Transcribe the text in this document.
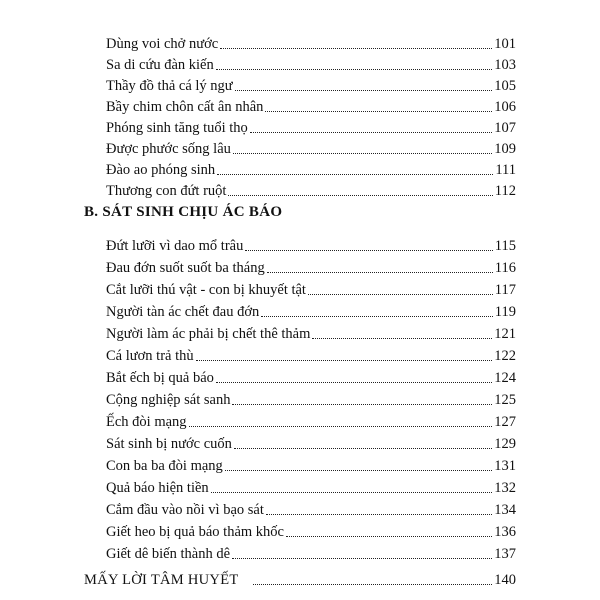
Dùng voi chở nước	101
Sa di cứu đàn kiến	103
Thầy đồ thả cá lý ngư	105
Bầy chim chôn cất ân nhân	106
Phóng sinh tăng tuổi thọ	107
Được phước sống lâu	109
Đào ao phóng sinh	111
Thương con đứt ruột	112
B. SÁT SINH CHỊU ÁC BÁO
Đứt lưỡi vì dao mổ trâu	115
Đau đớn suốt suốt ba tháng	116
Cắt lưỡi thú vật - con bị khuyết tật	117
Người tàn ác chết đau đớn	119
Người làm ác phải bị chết thê thảm	121
Cá lươn trả thù	122
Bắt ếch bị quả báo	124
Cộng nghiệp sát sanh	125
Ếch đòi mạng	127
Sát sinh bị nước cuốn	129
Con ba ba đòi mạng	131
Quả báo hiện tiền	132
Cắm đầu vào nồi vì bạo sát	134
Giết heo bị quả báo thảm khốc	136
Giết dê biến thành dê	137
MẤY LỜI TÂM HUYẾT	140
